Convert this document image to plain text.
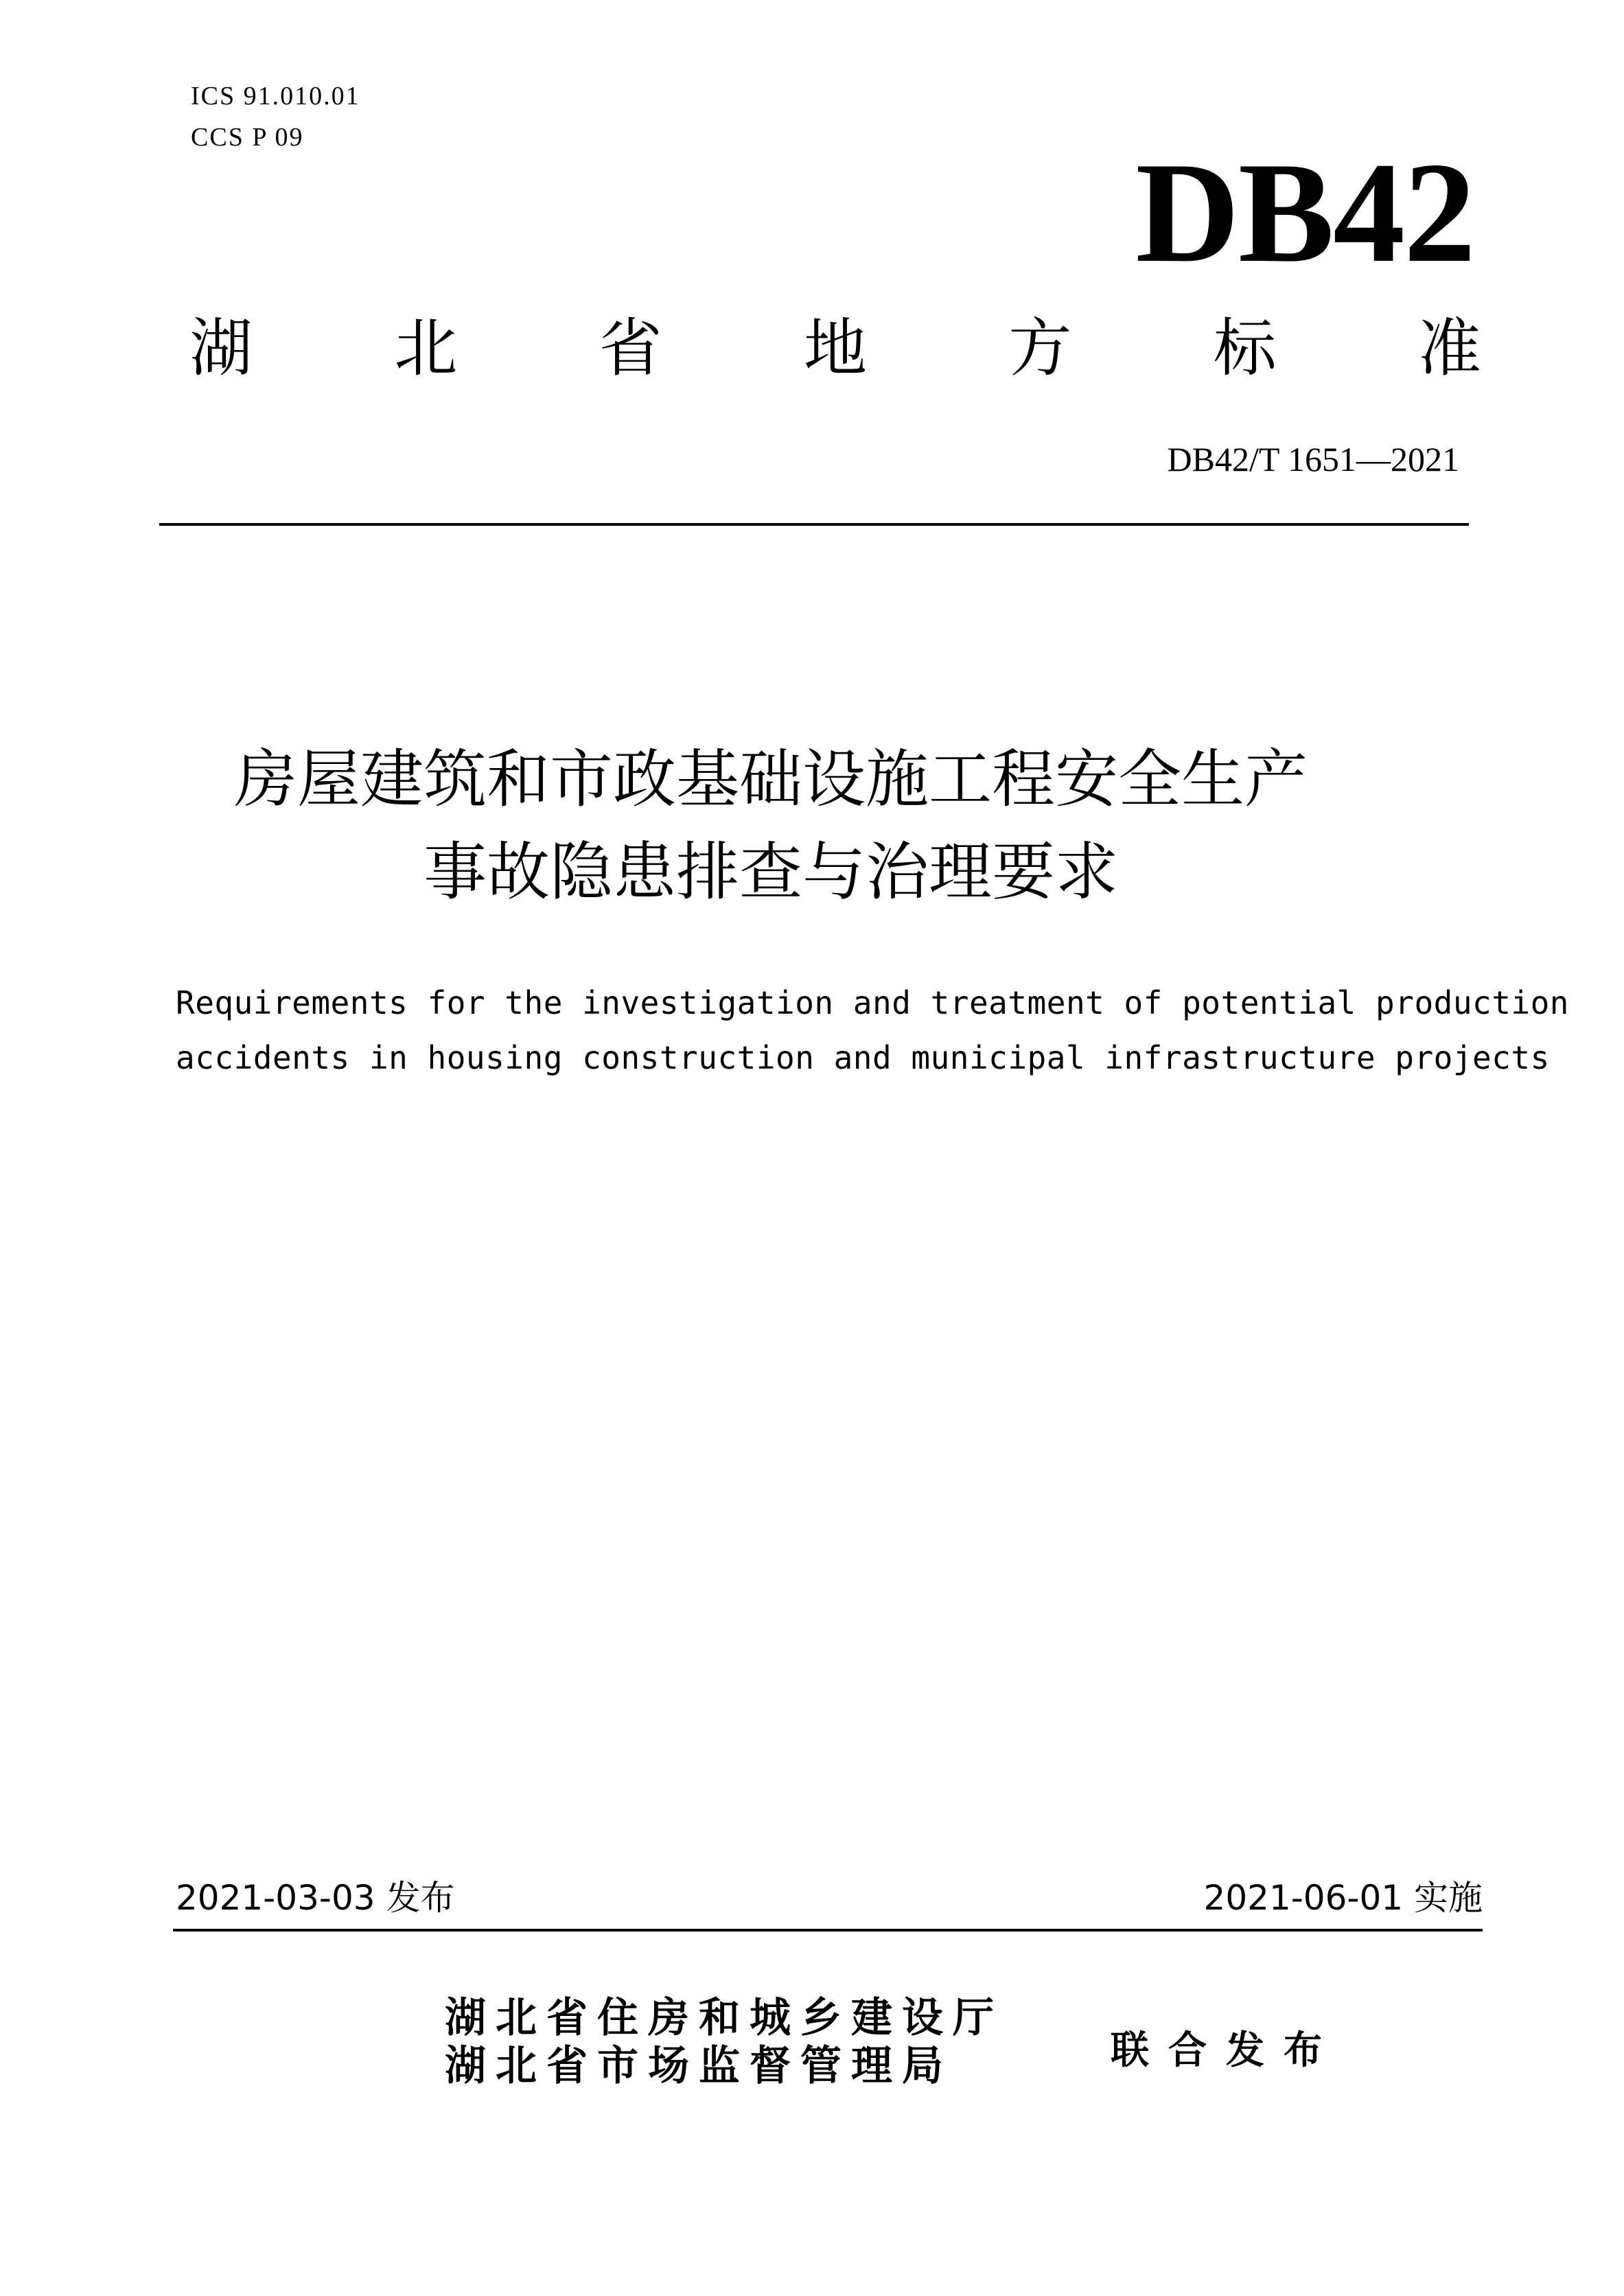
ICS 91.010.01
CCS P 09	DB42
湖 北 省 地 方 标 准
DB42/T 1651—2021
房屋建筑和市政基础设施工程安全生产
事故隐患排查与治理要求
Requirements for the investigation and treatment of potential production
accidents in housing construction and municipal infrastructure projects
2021-03-03 发布	2021-06-01 实施
湖北省住房和城乡建设厅
湖北省市场监督管理局	联合发布
